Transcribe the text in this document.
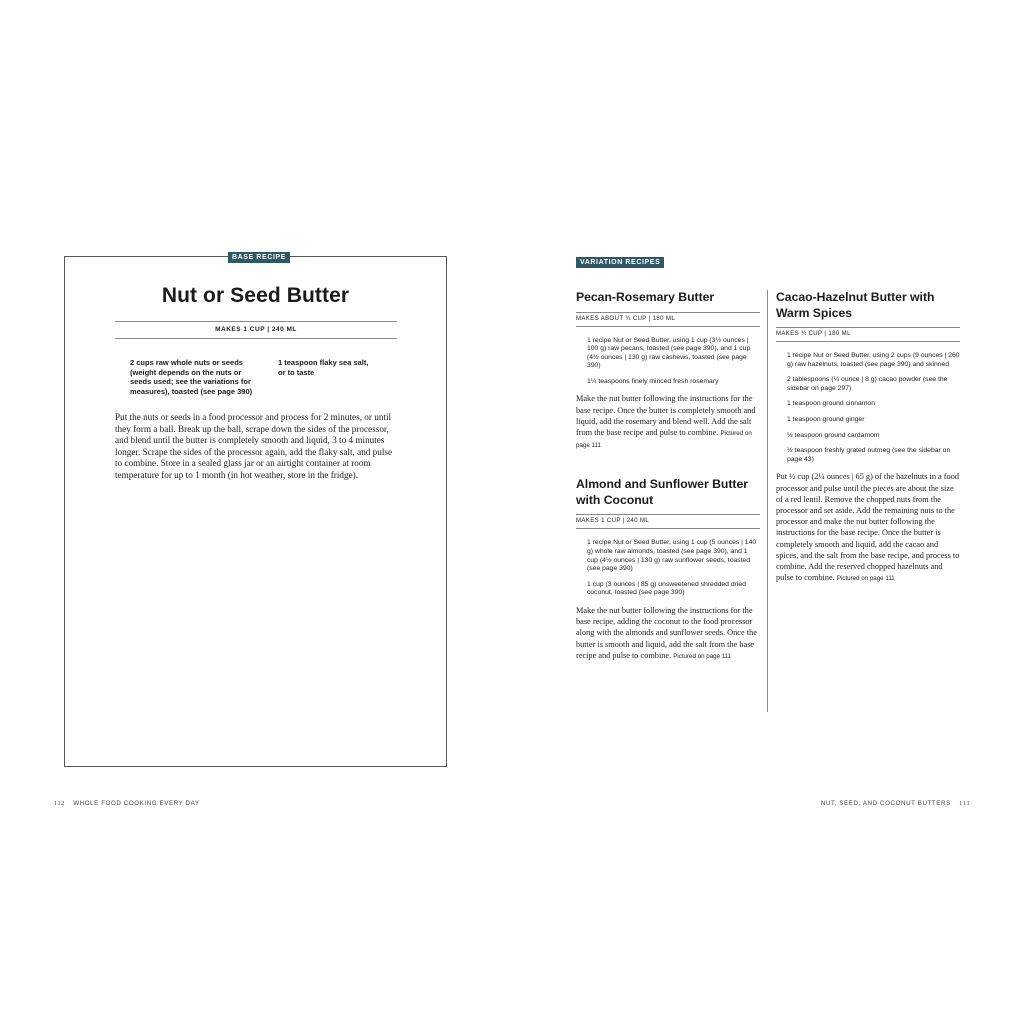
BASE RECIPE
Nut or Seed Butter
MAKES 1 CUP | 240 ML
2 cups raw whole nuts or seeds
(weight depends on the nuts or
seeds used; see the variations for
measures), toasted (see page 390)
1 teaspoon flaky sea salt,
or to taste

Put the nuts or seeds in a food processor and process for 2 minutes, or until they form a ball. Break up the ball, scrape down the sides of the processor, and blend until the butter is completely smooth and liquid, 3 to 4 minutes longer. Scrape the sides of the processor again, add the flaky salt, and pulse to combine. Store in a sealed glass jar or an airtight container at room temperature for up to 1 month (in hot weather, store in the fridge).

VARIATION RECIPES
Pecan-Rosemary Butter
MAKES ABOUT ¾ CUP | 180 ML
1 recipe Nut or Seed Butter, using 1 cup (3½ ounces | 100 g) raw pecans, toasted (see page 390), and 1 cup (4½ ounces | 130 g) raw cashews, toasted (see page 390)
1¼ teaspoons finely minced fresh rosemary

Make the nut butter following the instructions for the base recipe. Once the butter is completely smooth and liquid, add the rosemary and blend well. Add the salt from the base recipe and pulse to combine. Pictured on page 111

Almond and Sunflower Butter with Coconut
MAKES 1 CUP | 240 ML
1 recipe Nut or Seed Butter, using 1 cup (5 ounces | 140 g) whole raw almonds, toasted (see page 390), and 1 cup (4½ ounces | 130 g) raw sunflower seeds, toasted (see page 390)
1 cup (3 ounces | 85 g) unsweetened shredded dried coconut, toasted (see page 390)

Make the nut butter following the instructions for the base recipe, adding the coconut to the food processor along with the almonds and sunflower seeds. Once the butter is smooth and liquid, add the salt from the base recipe and pulse to combine. Pictured on page 111

Cacao-Hazelnut Butter with Warm Spices
MAKES ¾ CUP | 180 ML
1 recipe Nut or Seed Butter, using 2 cups (9 ounces | 260 g) raw hazelnuts, toasted (see page 390) and skinned
2 tablespoons (¼ ounce | 8 g) cacao powder (see the sidebar on page 297)
1 teaspoon ground cinnamon
1 teaspoon ground ginger
½ teaspoon ground cardamom
½ teaspoon freshly grated nutmeg (see the sidebar on page 43)

Put ½ cup (2¼ ounces | 65 g) of the hazelnuts in a food processor and pulse until the pieces are about the size of a red lentil. Remove the chopped nuts from the processor and set aside. Add the remaining nuts to the processor and make the nut butter following the instructions for the base recipe. Once the butter is completely smooth and liquid, add the cacao and spices, and the salt from the base recipe, and process to combine. Add the reserved chopped hazelnuts and pulse to combine. Pictured on page 111

112 WHOLE FOOD COOKING EVERY DAY	NUT, SEED, AND COCONUT BUTTERS 113
